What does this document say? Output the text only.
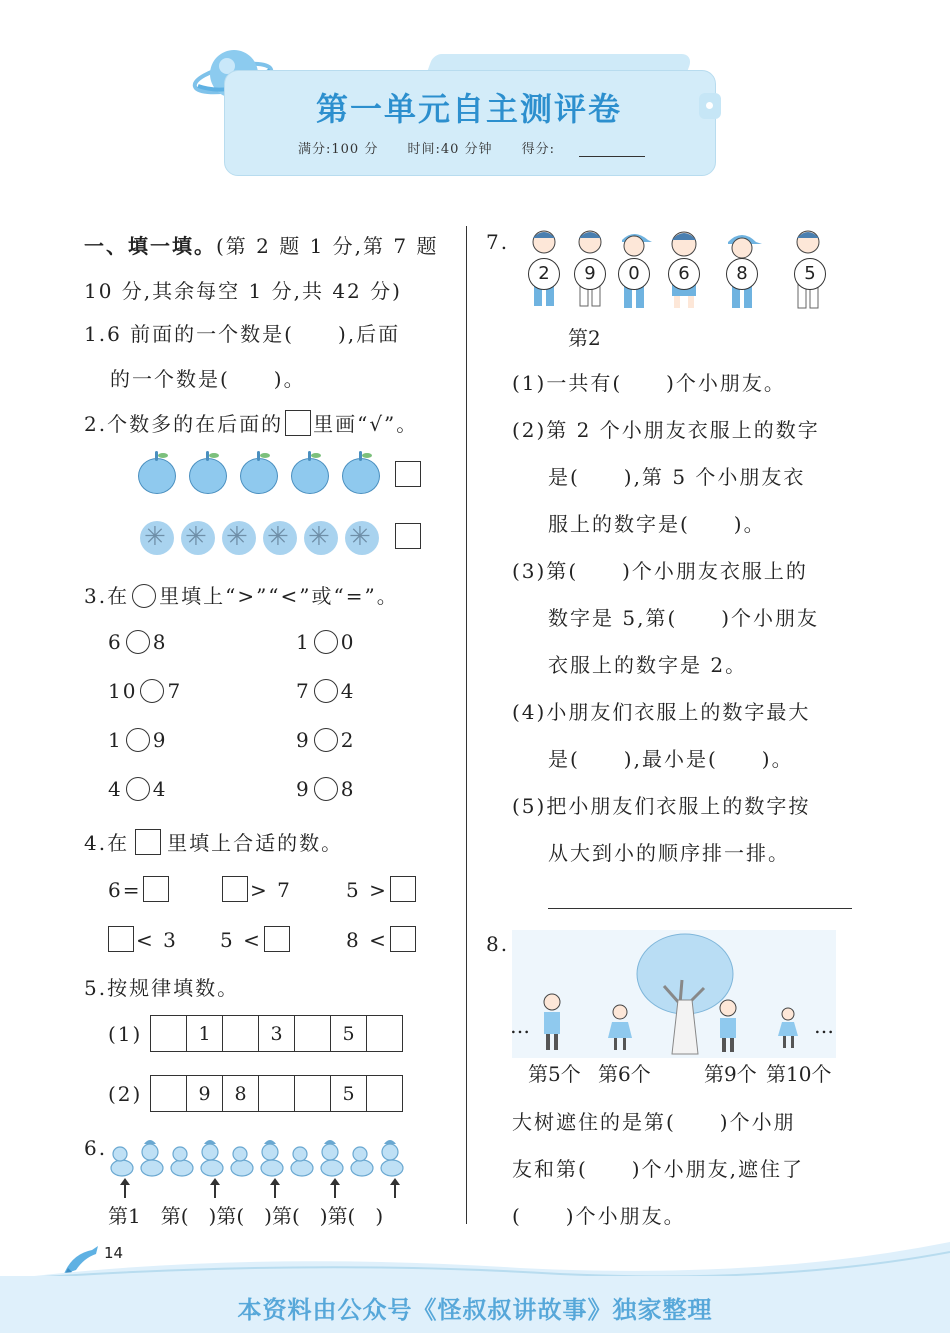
第一单元自主测评卷
满分:100 分 时间:40 分钟 得分:
一、填一填。(第 2 题 1 分,第 7 题
10 分,其余每空 1 分,共 42 分)
1.6 前面的一个数是(　　),后面
的一个数是(　　)。
2.个数多的在后面的 里画“√”。
✳
✳
✳
✳
✳
✳
3.在 里填上“>”“<”或“=”。
6 8	1 0
10 7	7 4
1 9	9 2
4 4	9 8
4.在 里填上合适的数。
6=	> 7	5 >
< 3 5 <	8 <
5.按规律填数。
(1)
		1		3		5	
(2)
		9	8			5	
6.
第1 第(　)第(　)第(　)第(　)
7.
2	9	0	6	8	5
第2
(1)一共有(　　)个小朋友。
(2)第 2 个小朋友衣服上的数字
是(　　),第 5 个小朋友衣
服上的数字是(　　)。
(3)第(　　)个小朋友衣服上的
数字是 5,第(　　)个小朋友
衣服上的数字是 2。
(4)小朋友们衣服上的数字最大
是(　　),最小是(　　)。
(5)把小朋友们衣服上的数字按
从大到小的顺序排一排。
8.
…	…
第5个 第6个	第9个 第10个
大树遮住的是第(　　)个小朋
友和第(　　)个小朋友,遮住了
(　　)个小朋友。
14
本资料由公众号《怪叔叔讲故事》独家整理
